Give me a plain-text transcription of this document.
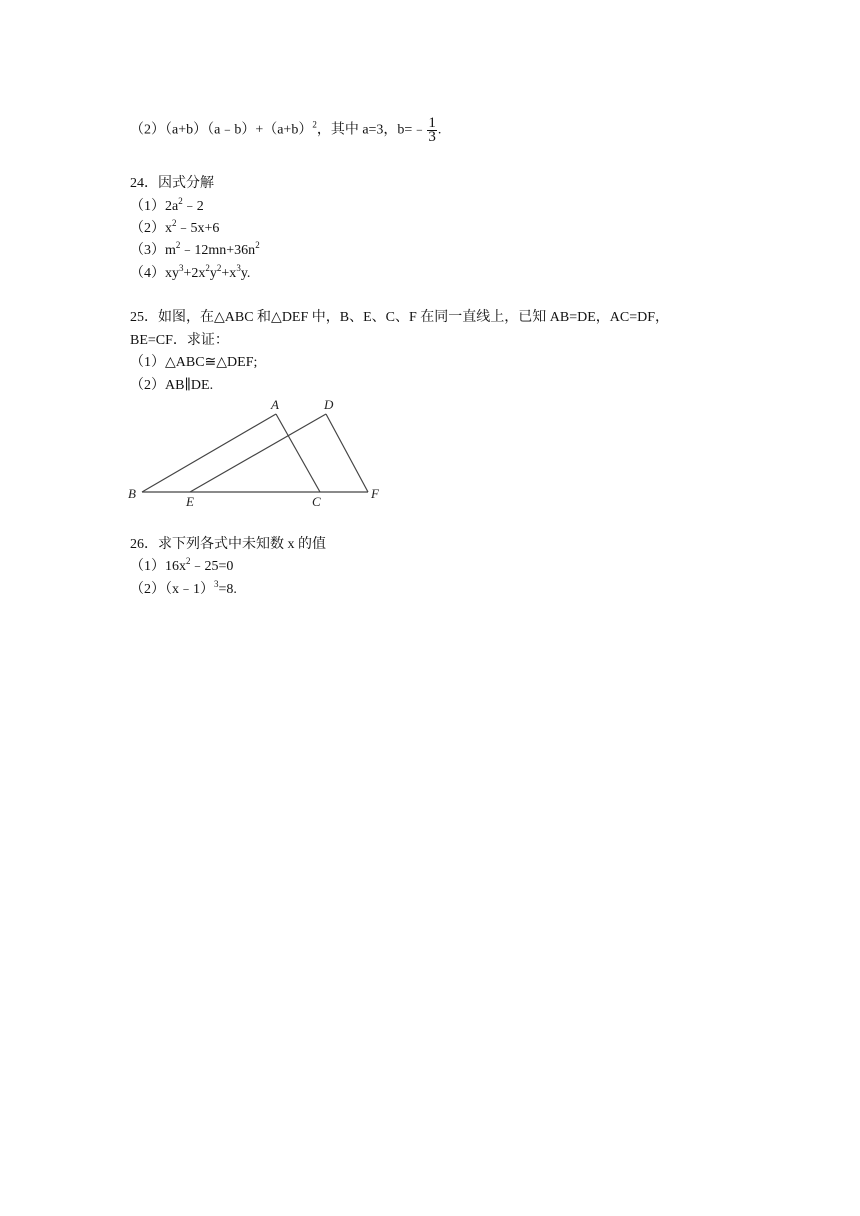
$(2)(a+b)(a﹣b)+(a+b)^2$，其中 a=3，b=﹣ $\frac{1}{3}$ .
24．因式分解
$(1)2a^2﹣2$
$(2)x^2﹣5x+6$
$(3)m^2﹣12mn+36n^2$
$(4)xy^3+2x^2y^2+x^3y$.
25．如图，在△ABC 和△DEF 中，B、E、C、F 在同一直线上，已知 AB=DE，AC=DF，
BE=CF．求证：
（1）△ABC≅△DEF;
（2）AB∥DE.
A	D
B
E	C
F
26．求下列各式中未知数 x 的值
$(1)16x^2﹣25=0$
（2）（x﹣1）$^3$=8.
